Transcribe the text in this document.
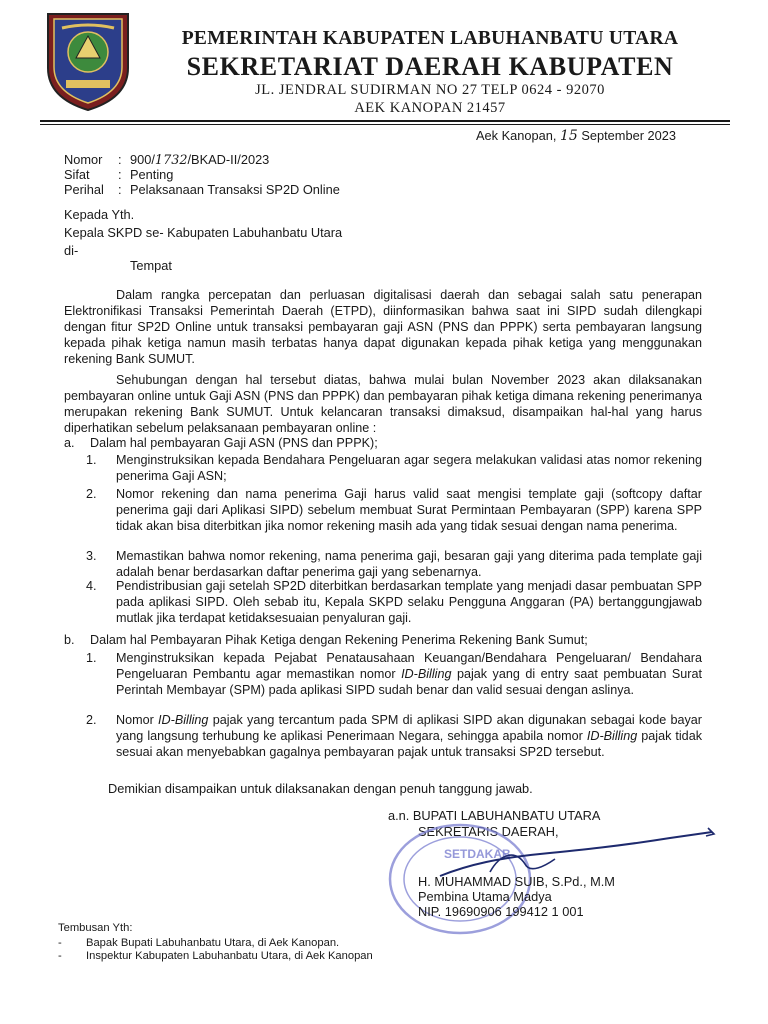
PEMERINTAH KABUPATEN LABUHANBATU UTARA
SEKRETARIAT DAERAH KABUPATEN
JL. JENDRAL SUDIRMAN NO 27 TELP 0624 - 92070
AEK KANOPAN 21457
Aek Kanopan, 15 September 2023
Nomor : 900/1732/BKAD-II/2023
Sifat : Penting
Perihal : Pelaksanaan Transaksi SP2D Online
Kepada Yth.
Kepala SKPD se- Kabupaten Labuhanbatu Utara
di-
Tempat
Dalam rangka percepatan dan perluasan digitalisasi daerah dan sebagai salah satu penerapan Elektronifikasi Transaksi Pemerintah Daerah (ETPD), diinformasikan bahwa saat ini SIPD sudah dilengkapi dengan fitur SP2D Online untuk transaksi pembayaran gaji ASN (PNS dan PPPK) serta pembayaran langsung kepada pihak ketiga namun masih terbatas hanya dapat digunakan kepada pihak ketiga yang menggunakan rekening Bank SUMUT.
Sehubungan dengan hal tersebut diatas, bahwa mulai bulan November 2023 akan dilaksanakan pembayaran online untuk Gaji ASN (PNS dan PPPK) dan pembayaran pihak ketiga dimana rekening penerimanya merupakan rekening Bank SUMUT. Untuk kelancaran transaksi dimaksud, disampaikan hal-hal yang harus diperhatikan sebelum pelaksanaan pembayaran online :
a. Dalam hal pembayaran Gaji ASN (PNS dan PPPK);
1. Menginstruksikan kepada Bendahara Pengeluaran agar segera melakukan validasi atas nomor rekening penerima Gaji ASN;
2. Nomor rekening dan nama penerima Gaji harus valid saat mengisi template gaji (softcopy daftar penerima gaji dari Aplikasi SIPD) sebelum membuat Surat Permintaan Pembayaran (SPP) karena SPP tidak akan bisa diterbitkan jika nomor rekening masih ada yang tidak sesuai dengan nama penerima.
3. Memastikan bahwa nomor rekening, nama penerima gaji, besaran gaji yang diterima pada template gaji adalah benar berdasarkan daftar penerima gaji yang sebenarnya.
4. Pendistribusian gaji setelah SP2D diterbitkan berdasarkan template yang menjadi dasar pembuatan SPP pada aplikasi SIPD. Oleh sebab itu, Kepala SKPD selaku Pengguna Anggaran (PA) bertanggungjawab mutlak jika terdapat ketidaksesuaian penyaluran gaji.
b. Dalam hal Pembayaran Pihak Ketiga dengan Rekening Penerima Rekening Bank Sumut;
1. Menginstruksikan kepada Pejabat Penatausahaan Keuangan/Bendahara Pengeluaran/ Bendahara Pengeluaran Pembantu agar memastikan nomor ID-Billing pajak yang di entry saat pembuatan Surat Perintah Membayar (SPM) pada aplikasi SIPD sudah benar dan valid sesuai dengan aslinya.
2. Nomor ID-Billing pajak yang tercantum pada SPM di aplikasi SIPD akan digunakan sebagai kode bayar yang langsung terhubung ke aplikasi Penerimaan Negara, sehingga apabila nomor ID-Billing pajak tidak sesuai akan menyebabkan gagalnya pembayaran pajak untuk transaksi SP2D tersebut.
Demikian disampaikan untuk dilaksanakan dengan penuh tanggung jawab.
a.n. BUPATI LABUHANBATU UTARA
SEKRETARIS DAERAH,
SETDAKAB
H. MUHAMMAD SUIB, S.Pd., M.M
Pembina Utama Madya
NIP. 19690906 199412 1 001
Tembusan Yth:
- Bapak Bupati Labuhanbatu Utara, di Aek Kanopan.
- Inspektur Kabupaten Labuhanbatu Utara, di Aek Kanopan
